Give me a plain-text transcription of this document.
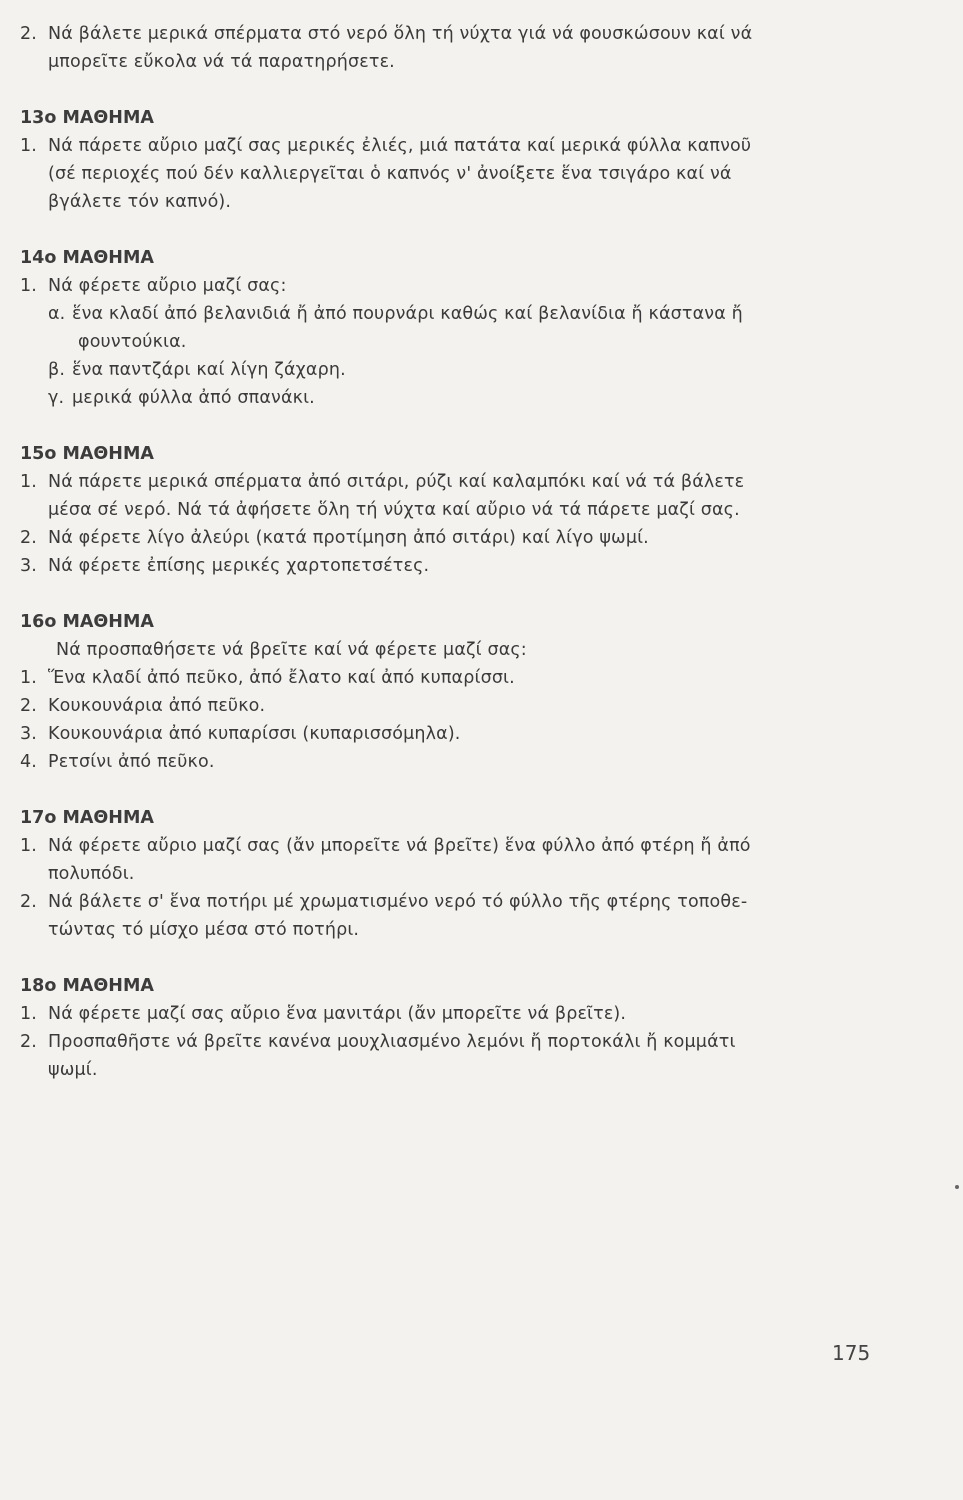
2. Νά βάλετε μερικά σπέρματα στό νερό ὅλη τή νύχτα γιά νά φουσκώσουν καί νά
μπορεῖτε εὔκολα νά τά παρατηρήσετε.
13ο ΜΑΘΗΜΑ
1. Νά πάρετε αὔριο μαζί σας μερικές ἐλιές, μιά πατάτα καί μερικά φύλλα καπνοῦ
(σέ περιοχές πού δέν καλλιεργεῖται ὁ καπνός ν' ἀνοίξετε ἕνα τσιγάρο καί νά
βγάλετε τόν καπνό).
14ο ΜΑΘΗΜΑ
1. Νά φέρετε αὔριο μαζί σας:
α. ἕνα κλαδί ἀπό βελανιδιά ἤ ἀπό πουρνάρι καθώς καί βελανίδια ἤ κάστανα ἤ
φουντούκια.
β. ἕνα παντζάρι καί λίγη ζάχαρη.
γ. μερικά φύλλα ἀπό σπανάκι.
15ο ΜΑΘΗΜΑ
1. Νά πάρετε μερικά σπέρματα ἀπό σιτάρι, ρύζι καί καλαμπόκι καί νά τά βάλετε
μέσα σέ νερό. Νά τά ἀφήσετε ὅλη τή νύχτα καί αὔριο νά τά πάρετε μαζί σας.
2. Νά φέρετε λίγο ἀλεύρι (κατά προτίμηση ἀπό σιτάρι) καί λίγο ψωμί.
3. Νά φέρετε ἐπίσης μερικές χαρτοπετσέτες.
16ο ΜΑΘΗΜΑ
Νά προσπαθήσετε νά βρεῖτε καί νά φέρετε μαζί σας:
1. Ἕνα κλαδί ἀπό πεῦκο, ἀπό ἔλατο καί ἀπό κυπαρίσσι.
2. Κουκουνάρια ἀπό πεῦκο.
3. Κουκουνάρια ἀπό κυπαρίσσι (κυπαρισσόμηλα).
4. Ρετσίνι ἀπό πεῦκο.
17ο ΜΑΘΗΜΑ
1. Νά φέρετε αὔριο μαζί σας (ἄν μπορεῖτε νά βρεῖτε) ἕνα φύλλο ἀπό φτέρη ἤ ἀπό
πολυπόδι.
2. Νά βάλετε σ' ἕνα ποτήρι μέ χρωματισμένο νερό τό φύλλο τῆς φτέρης τοποθε-
τώντας τό μίσχο μέσα στό ποτήρι.
18ο ΜΑΘΗΜΑ
1. Νά φέρετε μαζί σας αὔριο ἕνα μανιτάρι (ἄν μπορεῖτε νά βρεῖτε).
2. Προσπαθῆστε νά βρεῖτε κανένα μουχλιασμένο λεμόνι ἤ πορτοκάλι ἤ κομμάτι
ψωμί.
175
